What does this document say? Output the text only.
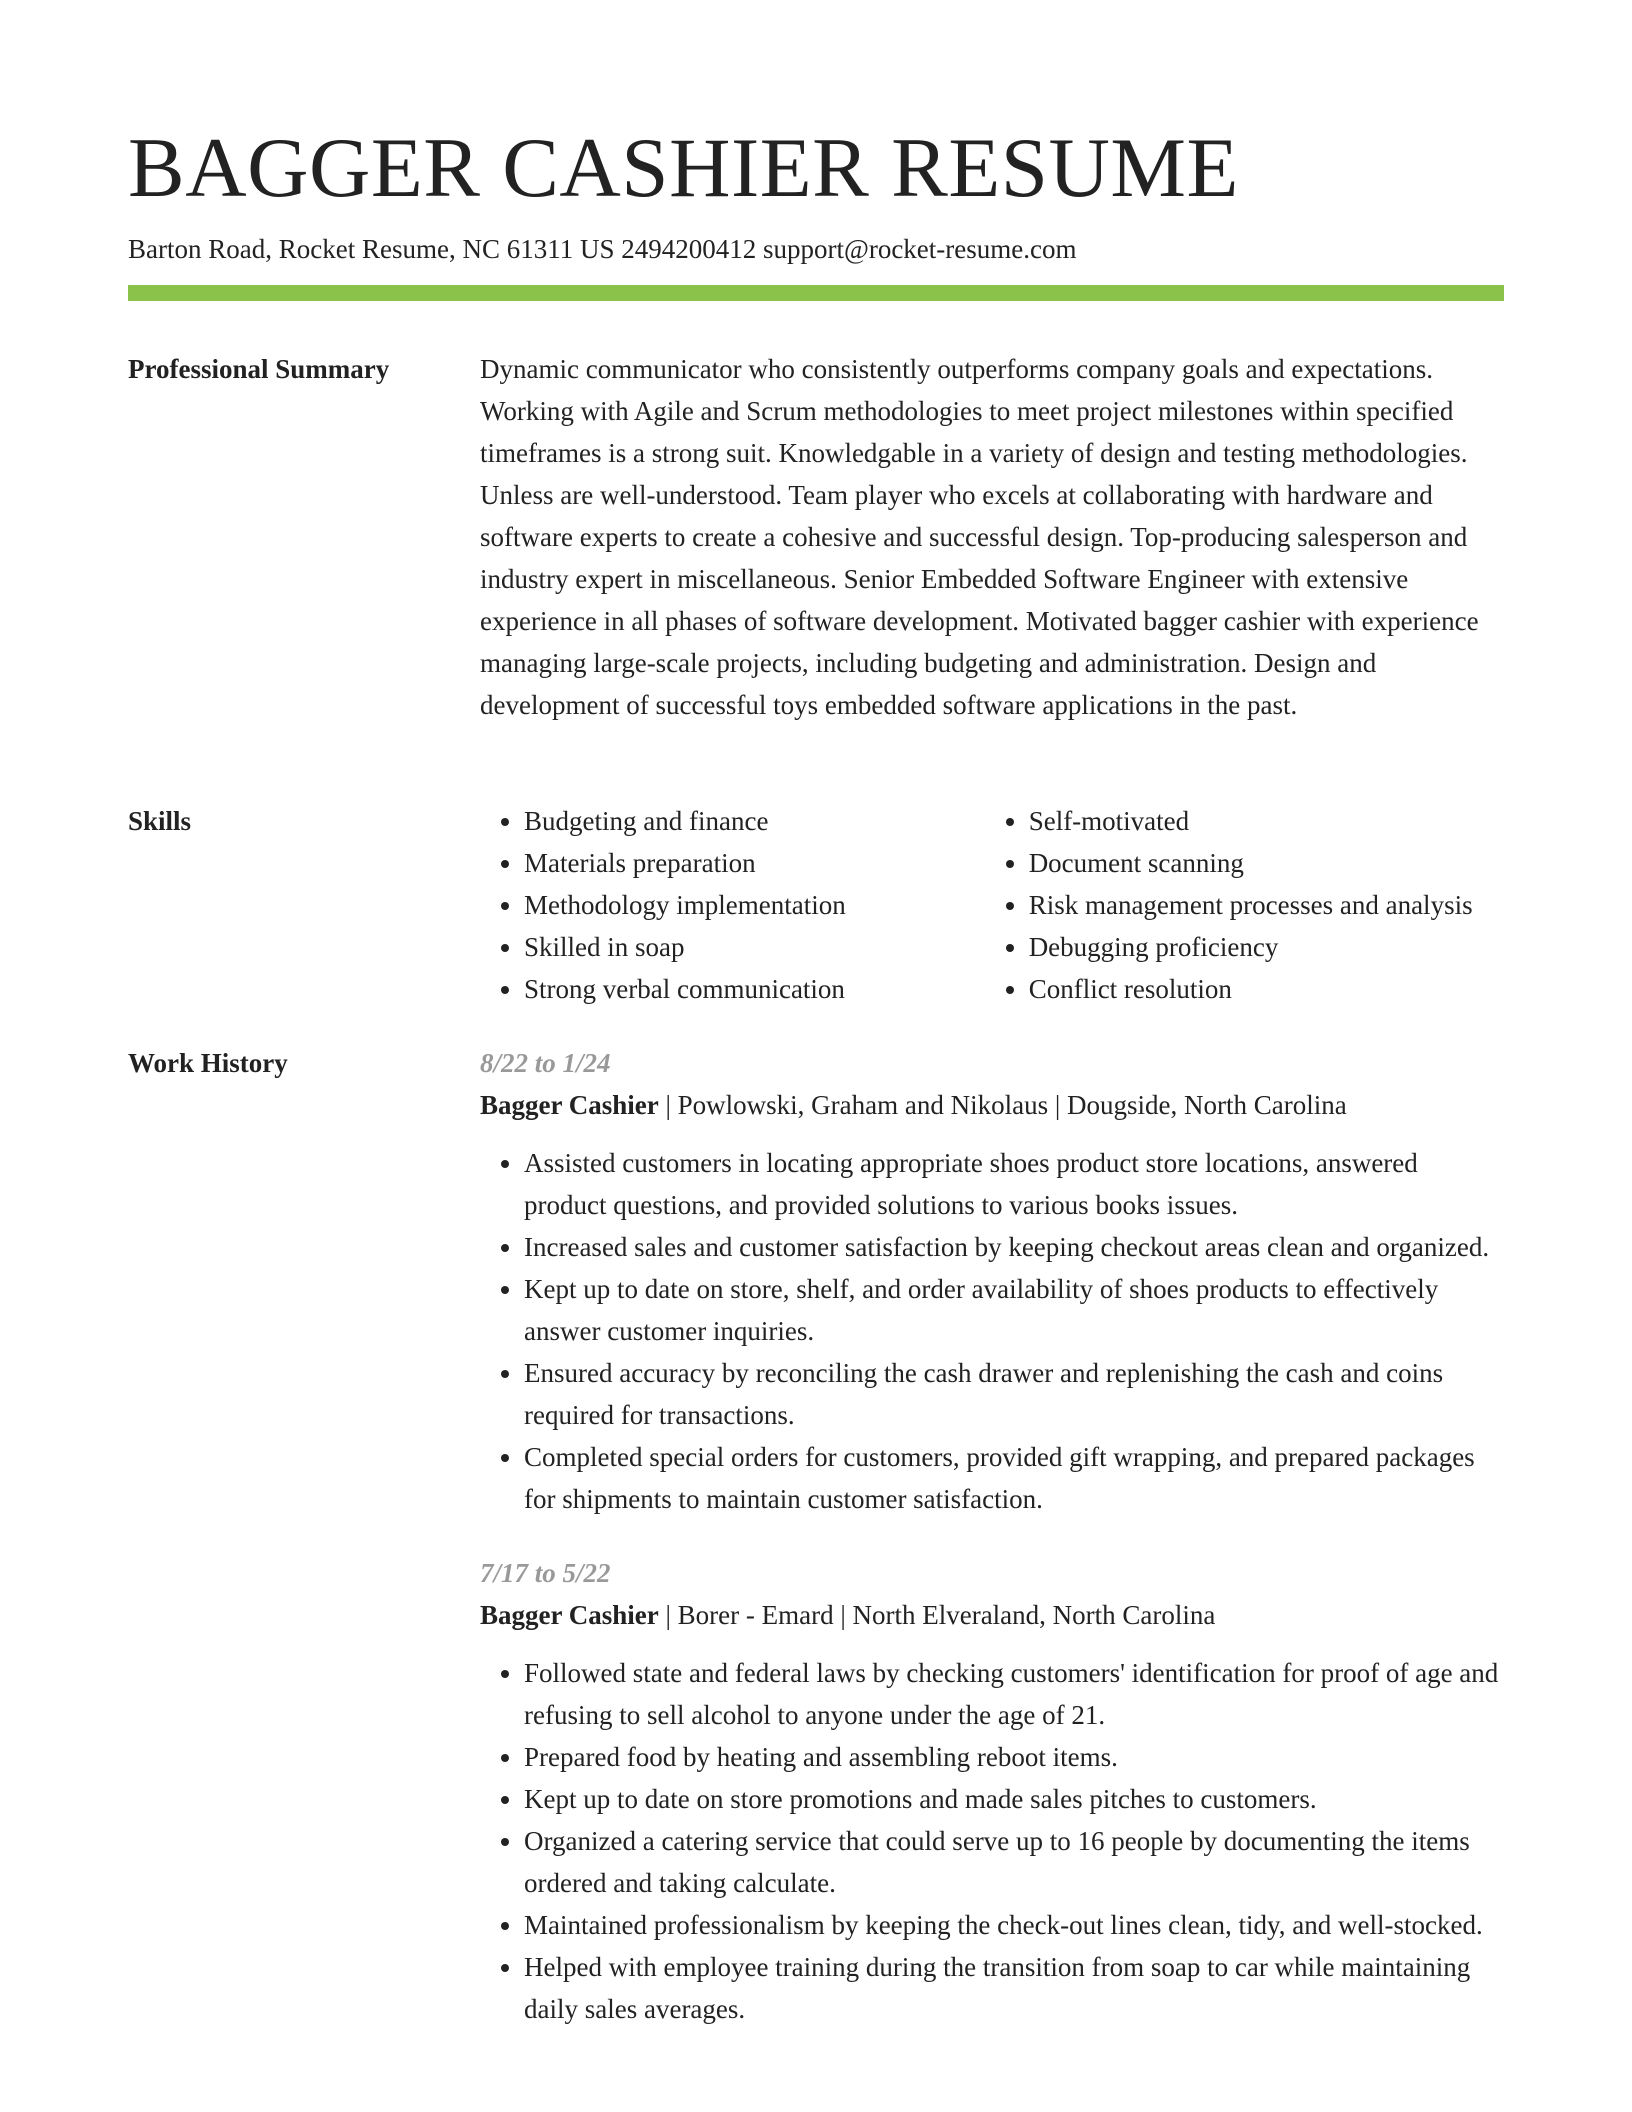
BAGGER CASHIER RESUME
Barton Road, Rocket Resume, NC 61311 US 2494200412 support@rocket-resume.com
Professional Summary	Dynamic communicator who consistently outperforms company goals and expectations. Working with Agile and Scrum methodologies to meet project milestones within specified timeframes is a strong suit. Knowledgable in a variety of design and testing methodologies. Unless are well-understood. Team player who excels at collaborating with hardware and software experts to create a cohesive and successful design. Top-producing salesperson and industry expert in miscellaneous. Senior Embedded Software Engineer with extensive experience in all phases of software development. Motivated bagger cashier with experience managing large-scale projects, including budgeting and administration. Design and development of successful toys embedded software applications in the past.

Skills
•	Budgeting and finance
• Materials preparation
• Methodology implementation
• Skilled in soap
• Strong verbal communication
• Self-motivated
• Document scanning
• Risk management processes and analysis
• Debugging proficiency
• Conflict resolution
Work History	8/22 to 1/24
Bagger Cashier | Powlowski, Graham and Nikolaus | Dougside, North Carolina
• Assisted customers in locating appropriate shoes product store locations, answered product questions, and provided solutions to various books issues.
• Increased sales and customer satisfaction by keeping checkout areas clean and organized.
• Kept up to date on store, shelf, and order availability of shoes products to effectively answer customer inquiries.
• Ensured accuracy by reconciling the cash drawer and replenishing the cash and coins required for transactions.
• Completed special orders for customers, provided gift wrapping, and prepared packages for shipments to maintain customer satisfaction.
7/17 to 5/22
Bagger Cashier | Borer - Emard | North Elveraland, North Carolina
• Followed state and federal laws by checking customers' identification for proof of age and refusing to sell alcohol to anyone under the age of 21.
• Prepared food by heating and assembling reboot items.
• Kept up to date on store promotions and made sales pitches to customers.
• Organized a catering service that could serve up to 16 people by documenting the items ordered and taking calculate.
• Maintained professionalism by keeping the check-out lines clean, tidy, and well-stocked.
• Helped with employee training during the transition from soap to car while maintaining daily sales averages.
